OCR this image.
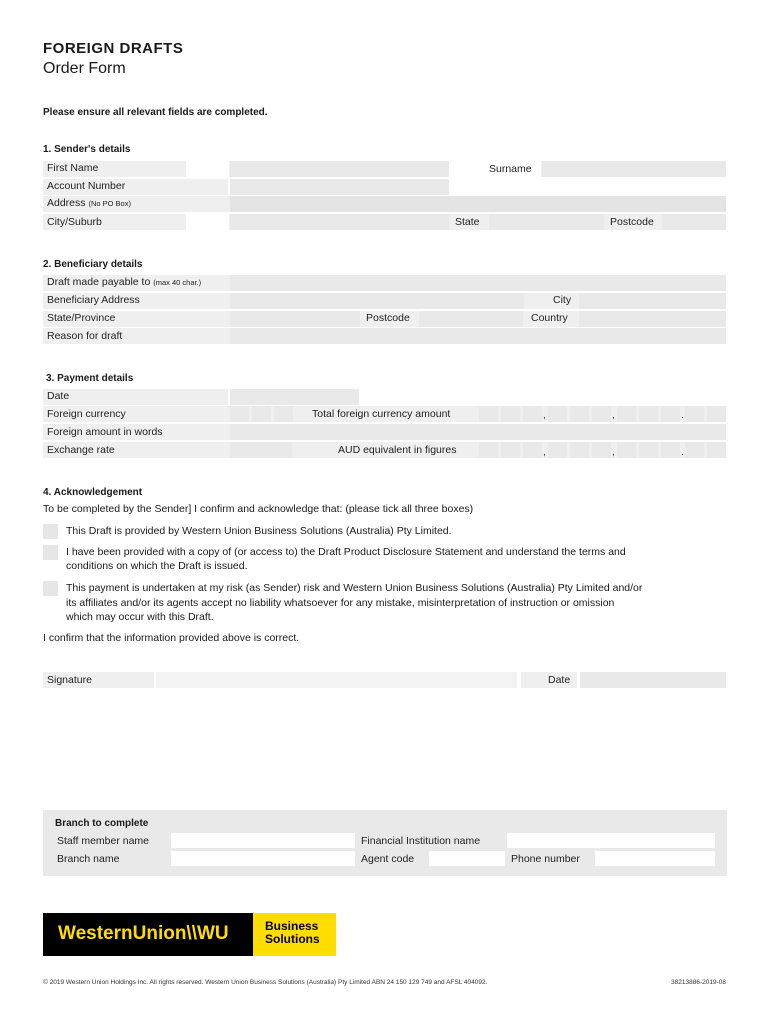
FOREIGN DRAFTS
Order Form
Please ensure all relevant fields are completed.
1. Sender's details
First Name	Surname
Account Number
Address (No PO Box)
City/Suburb	State	Postcode
2. Beneficiary details
Draft made payable to (max 40 char.)
Beneficiary Address	City
State/Province	Postcode	Country
Reason for draft
3. Payment details
Date
Foreign currency	Total foreign currency amount	,	,	.
Foreign amount in words
Exchange rate	AUD equivalent in figures	,	,	.
4. Acknowledgement
To be completed by the Sender] I confirm and acknowledge that: (please tick all three boxes)
This Draft is provided by Western Union Business Solutions (Australia) Pty Limited.
I have been provided with a copy of (or access to) the Draft Product Disclosure Statement and understand the terms and
conditions on which the Draft is issued.
This payment is undertaken at my risk (as Sender) risk and Western Union Business Solutions (Australia) Pty Limited and/or
its affiliates and/or its agents accept no liability whatsoever for any mistake, misinterpretation of instruction or omission
which may occur with this Draft.
I confirm that the information provided above is correct.
Signature	Date
Branch to complete
Staff member name	Financial Institution name
Branch name	Agent code	Phone number
WesternUnion\\WU	Business
Solutions
© 2019 Western Union Holdings Inc. All rights reserved. Western Union Business Solutions (Australia) Pty Limited ABN 24 150 129 749 and AFSL 404092.	38213886-2019-08
